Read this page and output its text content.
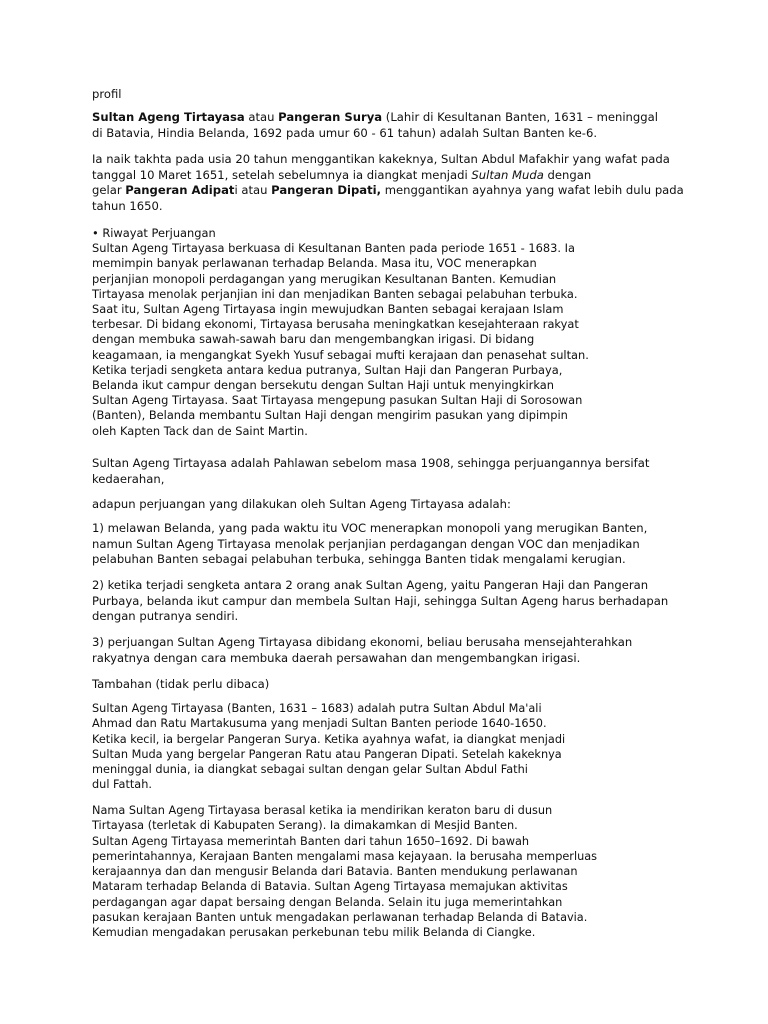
profil

Sultan Ageng Tirtayasa atau Pangeran Surya (Lahir di Kesultanan Banten, 1631 – meninggal
di Batavia, Hindia Belanda, 1692 pada umur 60 - 61 tahun) adalah Sultan Banten ke-6.

Ia naik takhta pada usia 20 tahun menggantikan kakeknya, Sultan Abdul Mafakhir yang wafat pada
tanggal 10 Maret 1651, setelah sebelumnya ia diangkat menjadi Sultan Muda dengan
gelar Pangeran Adipati atau Pangeran Dipati, menggantikan ayahnya yang wafat lebih dulu pada
tahun 1650.

• Riwayat Perjuangan
Sultan Ageng Tirtayasa berkuasa di Kesultanan Banten pada periode 1651 - 1683. Ia
memimpin banyak perlawanan terhadap Belanda. Masa itu, VOC menerapkan
perjanjian monopoli perdagangan yang merugikan Kesultanan Banten. Kemudian
Tirtayasa menolak perjanjian ini dan menjadikan Banten sebagai pelabuhan terbuka.
Saat itu, Sultan Ageng Tirtayasa ingin mewujudkan Banten sebagai kerajaan Islam
terbesar. Di bidang ekonomi, Tirtayasa berusaha meningkatkan kesejahteraan rakyat
dengan membuka sawah-sawah baru dan mengembangkan irigasi. Di bidang
keagamaan, ia mengangkat Syekh Yusuf sebagai mufti kerajaan dan penasehat sultan.
Ketika terjadi sengketa antara kedua putranya, Sultan Haji dan Pangeran Purbaya,
Belanda ikut campur dengan bersekutu dengan Sultan Haji untuk menyingkirkan
Sultan Ageng Tirtayasa. Saat Tirtayasa mengepung pasukan Sultan Haji di Sorosowan
(Banten), Belanda membantu Sultan Haji dengan mengirim pasukan yang dipimpin
oleh Kapten Tack dan de Saint Martin.

Sultan Ageng Tirtayasa adalah Pahlawan sebelom masa 1908, sehingga perjuangannya bersifat
kedaerahan,

adapun perjuangan yang dilakukan oleh Sultan Ageng Tirtayasa adalah:

1) melawan Belanda, yang pada waktu itu VOC menerapkan monopoli yang merugikan Banten,
namun Sultan Ageng Tirtayasa menolak perjanjian perdagangan dengan VOC dan menjadikan
pelabuhan Banten sebagai pelabuhan terbuka, sehingga Banten tidak mengalami kerugian.

2) ketika terjadi sengketa antara 2 orang anak Sultan Ageng, yaitu Pangeran Haji dan Pangeran
Purbaya, belanda ikut campur dan membela Sultan Haji, sehingga Sultan Ageng harus berhadapan
dengan putranya sendiri.

3) perjuangan Sultan Ageng Tirtayasa dibidang ekonomi, beliau berusaha mensejahterahkan
rakyatnya dengan cara membuka daerah persawahan dan mengembangkan irigasi.

Tambahan (tidak perlu dibaca)

Sultan Ageng Tirtayasa (Banten, 1631 – 1683) adalah putra Sultan Abdul Ma'ali
Ahmad dan Ratu Martakusuma yang menjadi Sultan Banten periode 1640-1650.
Ketika kecil, ia bergelar Pangeran Surya. Ketika ayahnya wafat, ia diangkat menjadi
Sultan Muda yang bergelar Pangeran Ratu atau Pangeran Dipati. Setelah kakeknya
meninggal dunia, ia diangkat sebagai sultan dengan gelar Sultan Abdul Fathi
dul Fattah.

Nama Sultan Ageng Tirtayasa berasal ketika ia mendirikan keraton baru di dusun
Tirtayasa (terletak di Kabupaten Serang). Ia dimakamkan di Mesjid Banten.
Sultan Ageng Tirtayasa memerintah Banten dari tahun 1650–1692. Di bawah
pemerintahannya, Kerajaan Banten mengalami masa kejayaan. Ia berusaha memperluas
kerajaannya dan dan mengusir Belanda dari Batavia. Banten mendukung perlawanan
Mataram terhadap Belanda di Batavia. Sultan Ageng Tirtayasa memajukan aktivitas
perdagangan agar dapat bersaing dengan Belanda. Selain itu juga memerintahkan
pasukan kerajaan Banten untuk mengadakan perlawanan terhadap Belanda di Batavia.
Kemudian mengadakan perusakan perkebunan tebu milik Belanda di Ciangke.
